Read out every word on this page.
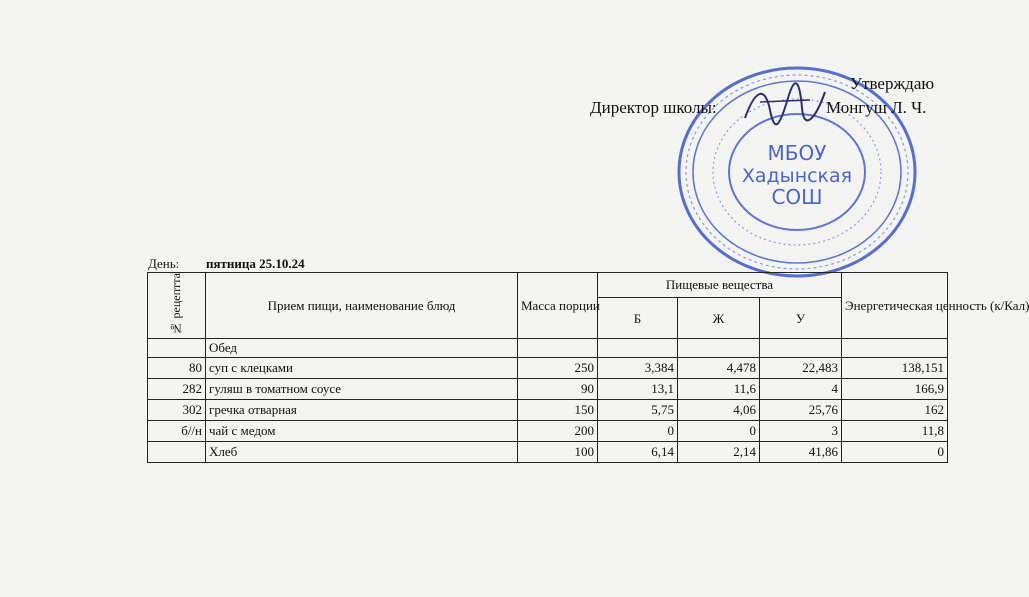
МБОУ
Хадынская
СОШ
Утверждаю
Директор школы:	Монгуш Л. Ч.
День: пятница 25.10.24
№ рецептта	Прием пищи, наименование блюд	Масса порции	Пищевые вещества			Энергетическая ценность (к/Кал)
			Б	Ж	У	
	Обед					
80	суп с клецками	250	3,384	4,478	22,483	138,151
282	гуляш в томатном соусе	90	13,1	11,6	4	166,9
302	гречка отварная	150	5,75	4,06	25,76	162
б//н	чай с медом	200	0	0	3	11,8
	Хлеб	100	6,14	2,14	41,86	0
